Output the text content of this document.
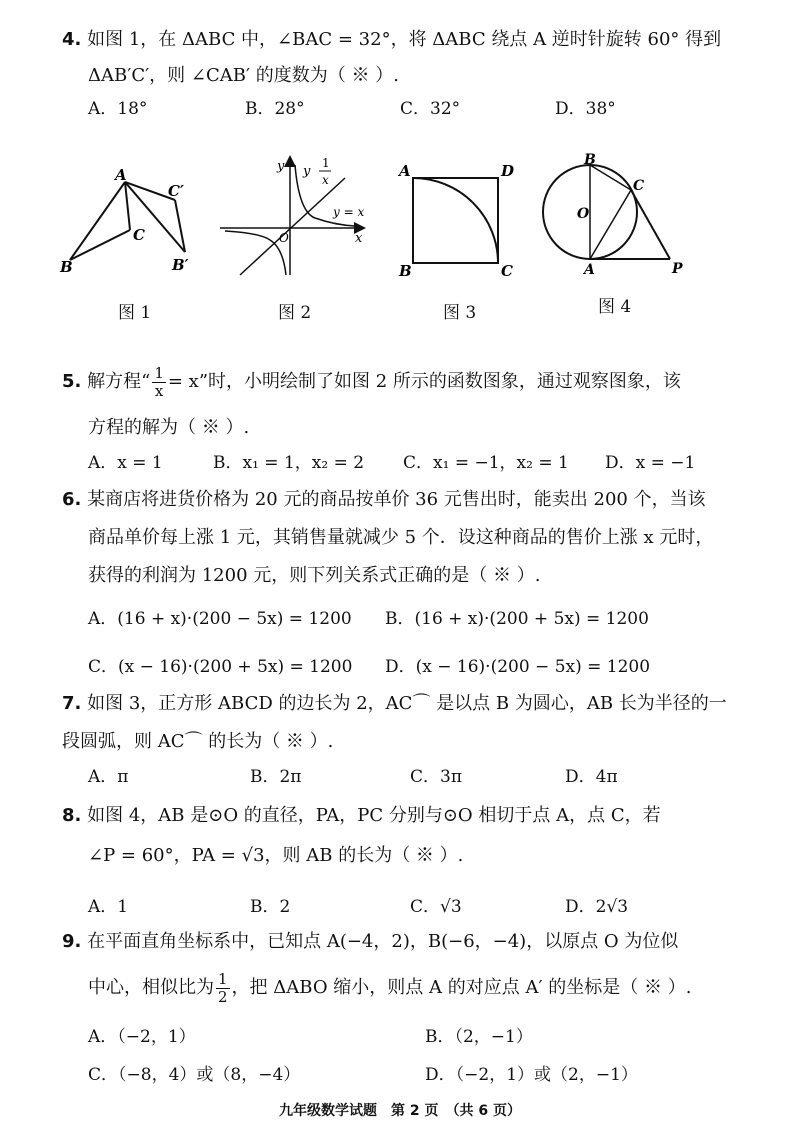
4. 如图 1，在 ΔABC 中，∠BAC = 32°，将 ΔABC 绕点 A 逆时针旋转 60° 得到
ΔAB′C′，则 ∠CAB′ 的度数为（ ※ ）.
A．18°	B．28°	C．32°	D．38°
A
B
C
C′
B′
图 1
y
x
O
y
1
x
y = x
图 2
A	D
B	C
图 3
B
C
O
A	P
图 4
5. 解方程“ $\frac{1}{x} = x$”时，小明绘制了如图 2 所示的函数图象，通过观察图象，该
方程的解为（ ※ ）.
A．x = 1	B．x₁ = 1，x₂ = 2 C．x₁ = −1，x₂ = 1 D．x = −1
6. 某商店将进货价格为 20 元的商品按单价 36 元售出时，能卖出 200 个，当该
商品单价每上涨 1 元，其销售量就减少 5 个．设这种商品的售价上涨 x 元时，
获得的利润为 1200 元，则下列关系式正确的是（ ※ ）.
A．(16 + x)·(200 − 5x) = 1200 B．(16 + x)·(200 + 5x) = 1200
C．(x − 16)·(200 + 5x) = 1200 D．(x − 16)·(200 − 5x) = 1200
7. 如图 3，正方形 ABCD 的边长为 2，AC⌒ 是以点 B 为圆心，AB 长为半径的一
段圆弧，则 AC⌒ 的长为（ ※ ）.
A．π	B．2π	C．3π	D．4π
8. 如图 4，AB 是⊙O 的直径，PA，PC 分别与⊙O 相切于点 A，点 C，若
∠P = 60°，PA = √3，则 AB 的长为（ ※ ）.
A．1	B．2	C．√3	D．2√3
9. 在平面直角坐标系中，已知点 A(−4，2)，B(−6，−4)，以原点 O 为位似
中心，相似比为 $\frac{1}{2}$ ，把 ΔABO 缩小，则点 A 的对应点 A′ 的坐标是（ ※ ）.
A．（−2，1）	B．（2，−1）
C．（−8，4）或（8，−4）	D．（−2，1）或（2，−1）
九年级数学试题　第 2 页　（共 6 页）
